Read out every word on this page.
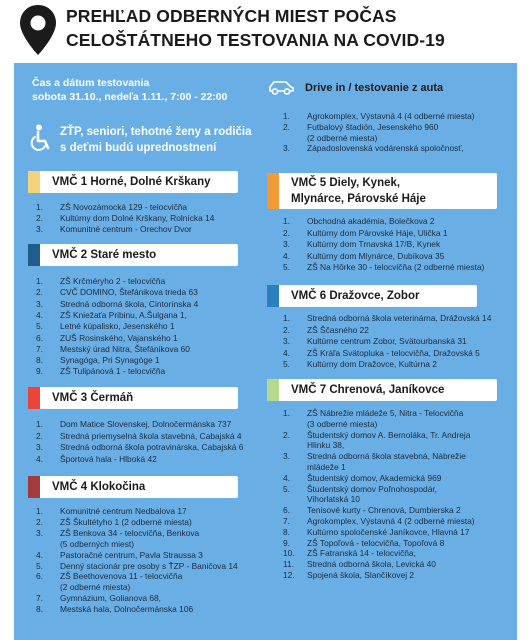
PREHĽAD ODBERNÝCH MIEST POČAS
CELOŠTÁTNEHO TESTOVANIA NA COVID-19
Čas a dátum testovania
sobota 31.10., nedeľa 1.11., 7:00 - 22:00
ZŤP, seniori, tehotné ženy a rodičia
s deťmi budú uprednostnení
Drive in / testovanie z auta
1.	Agrokomplex, Výstavná 4 (4 odberné miesta)
2.	Futbalový štadión, Jesenského 960
(2 odberné miesta)
3.	Západoslovenská vodárenská spoločnosť,
VMČ 1 Horné, Dolné Krškany
1.	ZŠ Novozámocká 129 - telocvičňa
2.	Kultúrny dom Dolné Krškany, Rolnícka 14
3.	Komunitné centrum - Orechov Dvor
VMČ 2 Staré mesto
1.	ZŠ Krčméryho 2 - telocvičňa
2.	CVČ DOMINO, Štefánikova trieda 63
3.	Stredná odborná škola, Cintorínska 4
4.	ZŠ Kniežaťa Pribinu, A.Šulgana 1,
5.	Letné kúpalisko, Jesenského 1
6.	ZUŠ Rosinského, Vajanského 1
7.	Mestský úrad Nitra, Štefánikova 60
8.	Synagóga, Pri Synagóge 1
9.	ZŠ Tulipánová 1 - telocvičňa
VMČ 3 Čermáň
1.	Dom Matice Slovenskej, Dolnočermánska 737
2.	Stredná priemyselná škola stavebná, Cabajská 4
3.	Stredná odborná škola potravinárska, Cabajská 6
4.	Športová hala - Hlboká 42
VMČ 4 Klokočina
1.	Komunitné centrum Nedbalova 17
2.	ZŠ Škultétyho 1 (2 odberné miesta)
3.	ZŠ Benkova 34 - telocvičňa, Benkova
(5 odberných miest)
4.	Pastoračné centrum, Pavla Straussa 3
5.	Denný stacionár pre osoby s ŤZP - Baničova 14
6.	ZŠ Beethovenova 11 - telocvičňa
(2 odberné miesta)
7.	Gymnázium, Golianova 68,
8.	Mestská hala, Dolnočermánska 106
VMČ 5 Diely, Kynek,
Mlynárce, Párovské Háje
1.	Obchodná akadémia, Bolečkova 2
2.	Kultúrny dom Párovské Háje, Ulička 1
3.	Kultúrny dom Trnavská 17/B, Kynek
4.	Kultúrny dom Mlynárce, Dubíkova 35
5.	ZŠ Na Hôrke 30 - telocvičňa (2 odberné miesta)
VMČ 6 Dražovce, Zobor
1.	Stredná odborná škola veterinárna, Drážovská 14
2.	ZŠ Ščasného 22
3.	Kultúrne centrum Zobor, Svätourbanská 31
4.	ZŠ Kráľa Svätopluka - telocvičňa, Dražovská 5
5.	Kultúrny dom Dražovce, Kultúrna 2
VMČ 7 Chrenová, Janíkovce
1.	ZŠ Nábrežie mládeže 5, Nitra - Telocvičňa
(3 odberné miesta)
2.	Študentský domov A. Bernoláka, Tr. Andreja
Hlinku 38,
3.	Stredná odborná škola stavebná, Nábrežie
mládeže 1
4.	Študentský domov, Akademická 969
5.	Študentský domov Poľnohospodár,
Vihorlatská 10
6.	Tenisové kurty - Chrenová, Dumbierska 2
7.	Agrokomplex, Výstavná 4 (2 odberné miesta)
8.	Kultúrno spoločenské Janíkovce, Hlavná 17
9.	ZŠ Topoľová - telocvičňa, Topoľová 8
10.	ZŠ Fatranská 14 - telocvičňa,
11.	Stredná odborná škola, Levická 40
12.	Spojená škola, Slančíkovej 2
